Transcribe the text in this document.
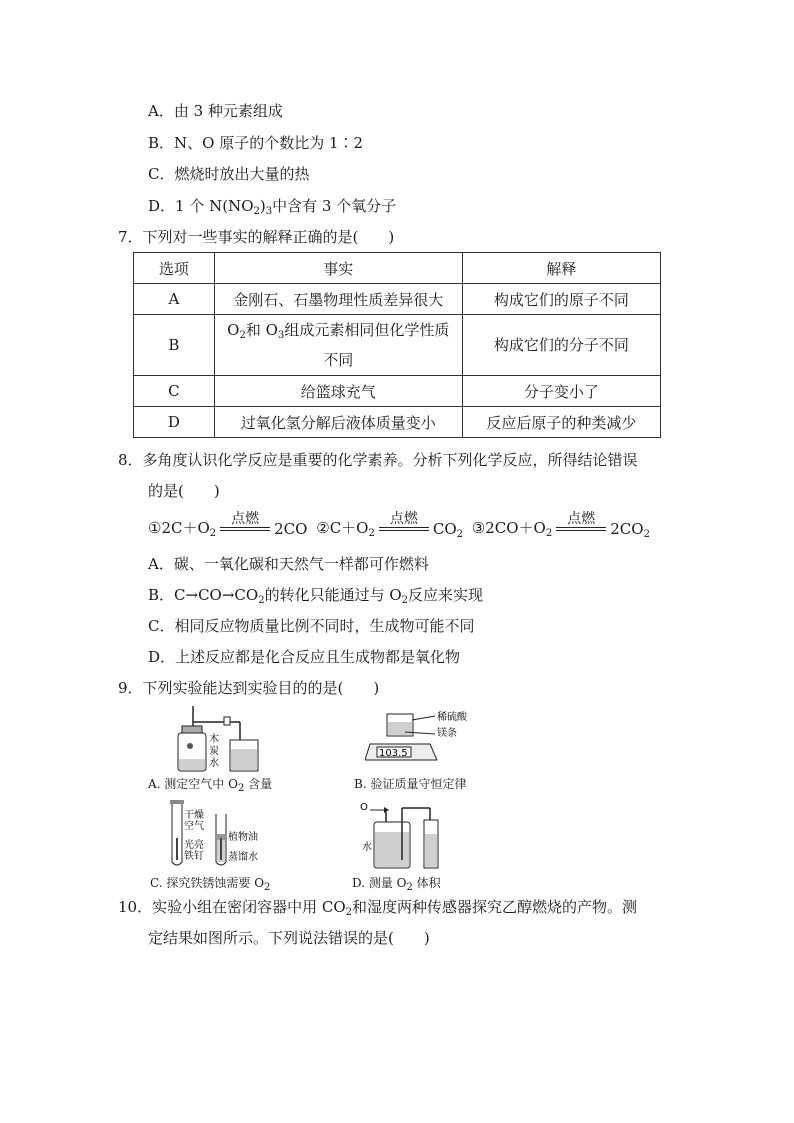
A．由 3 种元素组成
B．N、O 原子的个数比为 1∶2
C．燃烧时放出大量的热
D．1 个 $N(NO_2)_3$中含有 3 个氧分子
7．下列对一些事实的解释正确的是(　　)
选项	事实	解释
A	金刚石、石墨物理性质差异很大	构成它们的原子不同
B	$O_2$和 $O_3$组成元素相同但化学性质
不同	构成它们的分子不同
C	给篮球充气	分子变小了
D	过氧化氢分解后液体质量变小	反应后原子的种类减少
8．多角度认识化学反应是重要的化学素养。分析下列化学反应，所得结论错误
的是(　　)
$①2C+O_2$
点燃
2CO $②C+O_2$
点燃
$CO_2$ $③2CO+O_2$
点燃
$2CO_2$
A．碳、一氧化碳和天然气一样都可作燃料
B．$C\to CO\to CO_2$的转化只能通过与 $O_2$反应来实现
C．相同反应物质量比例不同时，生成物可能不同
D．上述反应都是化合反应且生成物都是氧化物
9．下列实验能达到实验目的的是(　　)
木
炭
水
A. 测定空气中 $O_2$ 含量
103.5
稀硫酸
镁条
B. 验证质量守恒定律
干燥
空气
光亮
铁钉
植物油
蒸馏水
C. 探究铁锈蚀需要 $O_2$
O
水
D. 测量 $O_2$ 体积
10．实验小组在密闭容器中用 $CO_2$和湿度两种传感器探究乙醇燃烧的产物。测
定结果如图所示。下列说法错误的是(　　)
